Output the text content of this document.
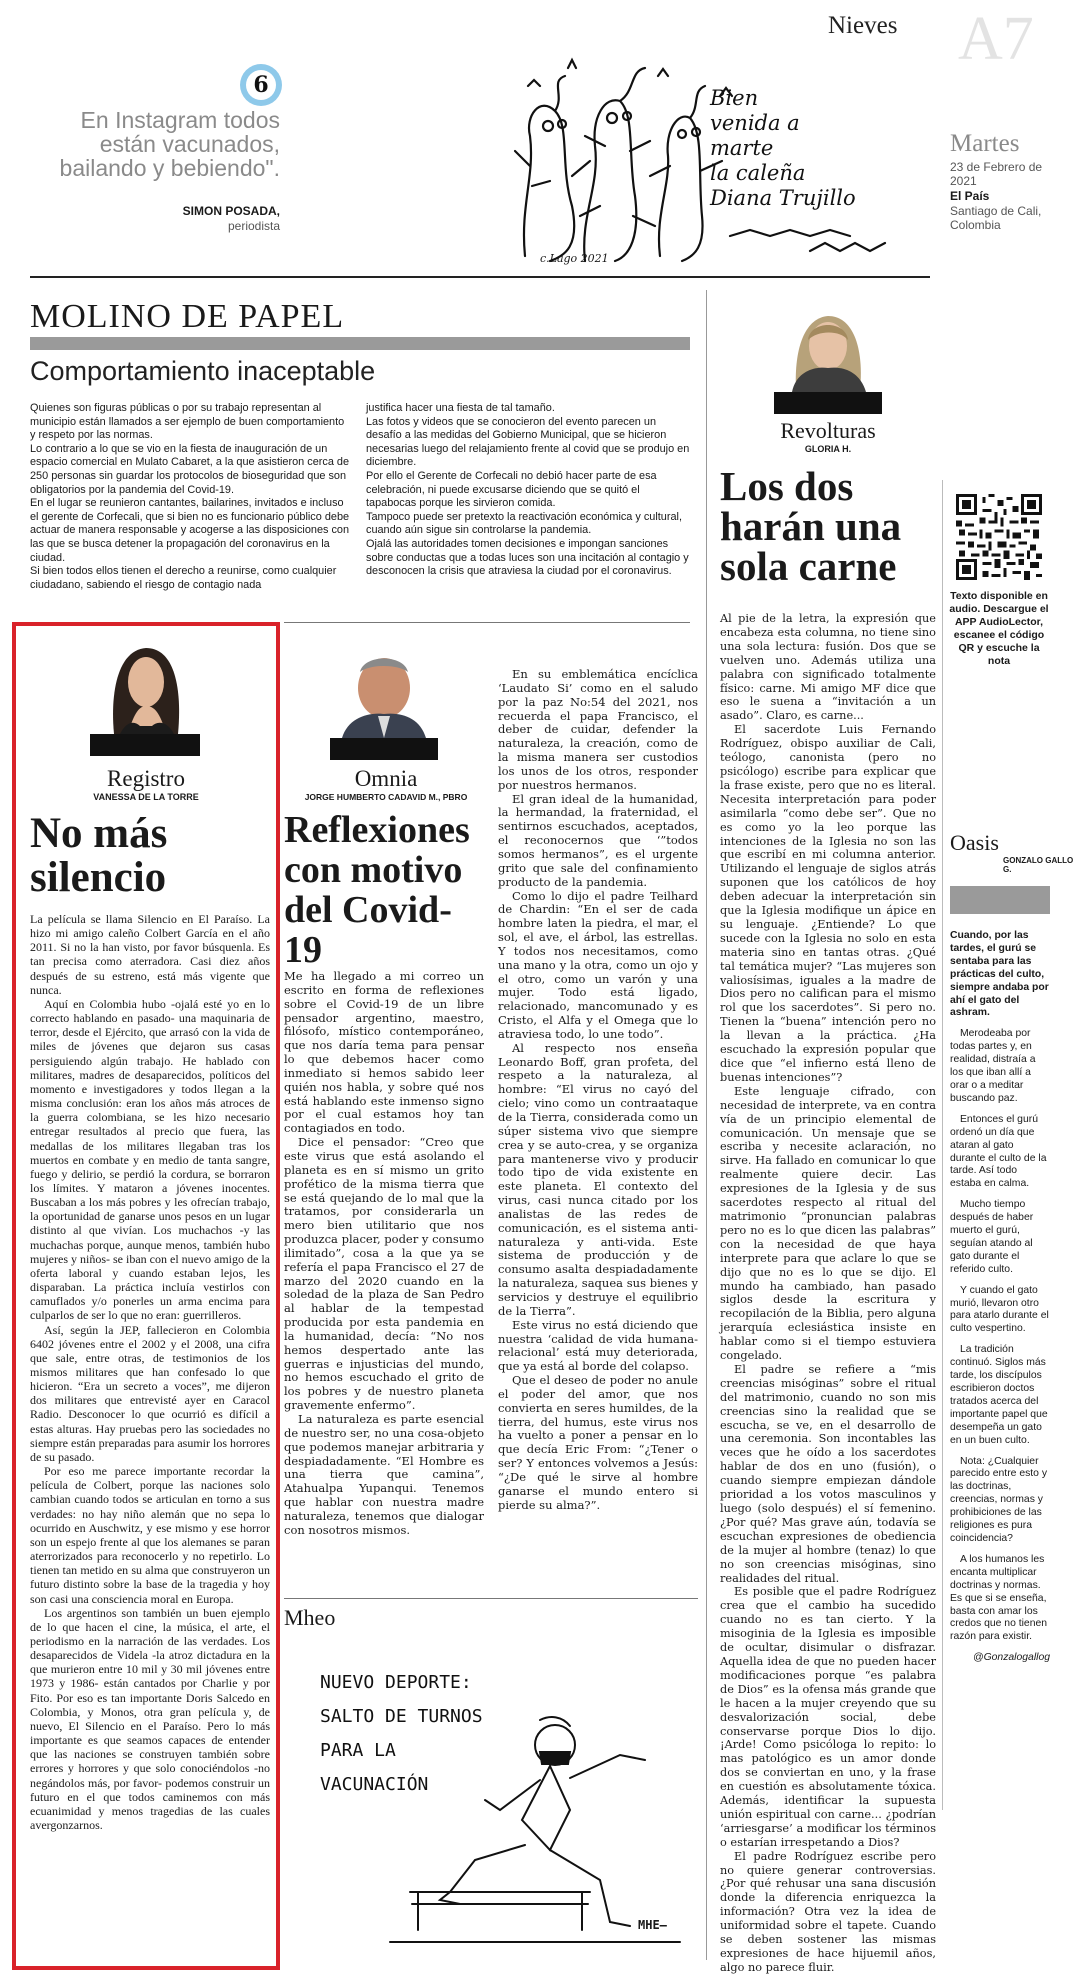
Nieves A7
6
En Instagram todos están vacunados, bailando y bebiendo".
SIMON POSADA,
periodista
Bien
venida a
marte
la caleña
Diana Trujillo
c.Lago 2021
Martes
23 de Febrero de 2021
El País
Santiago de Cali, Colombia
MOLINO DE PAPEL
Comportamiento inaceptable
Quienes son figuras públicas o por su trabajo representan al municipio están llamados a ser ejemplo de buen comportamiento y respeto por las normas.
Lo contrario a lo que se vio en la fiesta de inauguración de un espacio comercial en Mulato Cabaret, a la que asistieron cerca de 250 personas sin guardar los protocolos de bioseguridad que son obligatorios por la pandemia del Covid-19.
En el lugar se reunieron cantantes, bailarines, invitados e incluso el gerente de Corfecali, que si bien no es funcionario público debe actuar de manera responsable y acogerse a las disposiciones con las que se busca detener la propagación del coronavirus en la ciudad.
Si bien todos ellos tienen el derecho a reunirse, como cualquier ciudadano, sabiendo el riesgo de contagio nada
justifica hacer una fiesta de tal tamaño.
Las fotos y videos que se conocieron del evento parecen un desafío a las medidas del Gobierno Municipal, que se hicieron necesarias luego del relajamiento frente al covid que se produjo en diciembre.
Por ello el Gerente de Corfecali no debió hacer parte de esa celebración, ni puede excusarse diciendo que se quitó el tapabocas porque les sirvieron comida.
Tampoco puede ser pretexto la reactivación económica y cultural, cuando aún sigue sin controlarse la pandemia.
Ojalá las autoridades tomen decisiones e impongan sanciones sobre conductas que a todas luces son una incitación al contagio y desconocen la crisis que atraviesa la ciudad por el coronavirus.
Revolturas
GLORIA H.
Los dos harán una sola carne

Al pie de la letra, la expresión que encabeza esta columna, no tiene sino una sola lectura: fusión. Dos que se vuelven uno. Además utiliza una palabra con significado totalmente físico: carne. Mi amigo MF dice que eso le suena a “invitación a un asado”. Claro, es carne...

El sacerdote Luis Fernando Rodríguez, obispo auxiliar de Cali, teólogo, canonista (pero no psicólogo) escribe para explicar que la frase existe, pero que no es literal. Necesita interpretación para poder asimilarla “como debe ser”. Que no es como yo la leo porque las intenciones de la Iglesia no son las que escribí en mi columna anterior. Utilizando el lenguaje de siglos atrás suponen que los católicos de hoy deben adecuar la interpretación sin que la Iglesia modifique un ápice en su lenguaje. ¿Entiende? Lo que sucede con la Iglesia no solo en esta materia sino en tantas otras. ¿Qué tal temática mujer? “Las mujeres son valiosísimas, iguales a la madre de Dios pero no califican para el mismo rol que los sacerdotes”. Si pero no. Tienen la “buena” intención pero no la llevan a la práctica. ¿Ha escuchado la expresión popular que dice que “el infierno está lleno de buenas intenciones”?

Este lenguaje cifrado, con necesidad de interprete, va en contra vía de un principio elemental de comunicación. Un mensaje que se escriba y necesite aclaración, no sirve. Ha fallado en comunicar lo que realmente quiere decir. Las expresiones de la Iglesia y de sus sacerdotes respecto al ritual del matrimonio “pronuncian palabras pero no es lo que dicen las palabras” con la necesidad de que haya interprete para que aclare lo que se dijo que no es lo que se dijo. El mundo ha cambiado, han pasado siglos desde la escritura y recopilación de la Biblia, pero alguna jerarquía eclesiástica insiste en hablar como si el tiempo estuviera congelado.

El padre se refiere a “mis creencias misóginas” sobre el ritual del matrimonio, cuando no son mis creencias sino la realidad que se escucha, se ve, en el desarrollo de una ceremonia. Son incontables las veces que he oído a los sacerdotes hablar de dos en uno (fusión), o cuando siempre empiezan dándole prioridad a los votos masculinos y luego (solo después) el sí femenino. ¿Por qué? Mas grave aún, todavía se escuchan expresiones de obediencia de la mujer al hombre (tenaz) lo que no son creencias misóginas, sino realidades del ritual.

Es posible que el padre Rodríguez crea que el cambio ha sucedido cuando no es tan cierto. Y la misoginia de la Iglesia es imposible de ocultar, disimular o disfrazar. Aquella idea de que no pueden hacer modificaciones porque “es palabra de Dios” es la ofensa más grande que le hacen a la mujer creyendo que su desvalorización social, debe conservarse porque Dios lo dijo. ¡Arde! Como psicóloga lo repito: lo mas patológico es un amor donde dos se conviertan en uno, y la frase en cuestión es absolutamente tóxica. Además, identificar la supuesta unión espiritual con carne... ¿podrían ‘arriesgarse’ a modificar los términos o estarían irrespetando a Dios?

El padre Rodríguez escribe pero no quiere generar controversias. ¿Por qué rehusar una sana discusión donde la diferencia enriquezca la información? Otra vez la idea de uniformidad sobre el tapete. Cuando se deben sostener las mismas expresiones de hace hijuemil años, algo no parece fluir.

Texto disponible en audio. Descargue el APP AudioLector, escanee el código QR y escuche la nota
Oasis
GONZALO GALLO G.

Cuando, por las tardes, el gurú se sentaba para las prácticas del culto, siempre andaba por ahí el gato del ashram.

Merodeaba por todas partes y, en realidad, distraía a los que iban allí a orar o a meditar buscando paz.

Entonces el gurú ordenó un día que ataran al gato durante el culto de la tarde. Así todo estaba en calma.

Mucho tiempo después de haber muerto el gurú, seguían atando al gato durante el referido culto.

Y cuando el gato murió, llevaron otro para atarlo durante el culto vespertino.

La tradición continuó. Siglos más tarde, los discípulos escribieron doctos tratados acerca del importante papel que desempeña un gato en un buen culto.

Nota: ¿Cualquier parecido entre esto y las doctrinas, creencias, normas y prohibiciones de las religiones es pura coincidencia?

A los humanos les encanta multiplicar doctrinas y normas. Es que si se enseña, basta con amar los credos que no tienen razón para existir.

@Gonzalogallog

Registro
VANESSA DE LA TORRE
No más silencio

La película se llama Silencio en El Paraíso. La hizo mi amigo caleño Colbert García en el año 2011. Si no la han visto, por favor búsquenla. Es tan precisa como aterradora. Casi diez años después de su estreno, está más vigente que nunca.

Aquí en Colombia hubo -ojalá esté yo en lo correcto hablando en pasado- una maquinaria de terror, desde el Ejército, que arrasó con la vida de miles de jóvenes que dejaron sus casas persiguiendo algún trabajo. He hablado con militares, madres de desaparecidos, políticos del momento e investigadores y todos llegan a la misma conclusión: eran los años más atroces de la guerra colombiana, se les hizo necesario entregar resultados al precio que fuera, las medallas de los militares llegaban tras los muertos en combate y en medio de tanta sangre, fuego y delirio, se perdió la cordura, se borraron los límites. Y mataron a jóvenes inocentes. Buscaban a los más pobres y les ofrecían trabajo, la oportunidad de ganarse unos pesos en un lugar distinto al que vivían. Los muchachos -y las muchachas porque, aunque menos, también hubo mujeres y niños- se iban con el nuevo amigo de la oferta laboral y cuando estaban lejos, les disparaban. La práctica incluía vestirlos con camuflados y/o ponerles un arma encima para culparlos de ser lo que no eran: guerrilleros.

Así, según la JEP, fallecieron en Colombia 6402 jóvenes entre el 2002 y el 2008, una cifra que sale, entre otras, de testimonios de los mismos militares que han confesado lo que hicieron. “Era un secreto a voces”, me dijeron dos militares que entrevisté ayer en Caracol Radio. Desconocer lo que ocurrió es difícil a estas alturas. Hay pruebas pero las sociedades no siempre están preparadas para asumir los horrores de su pasado.

Por eso me parece importante recordar la película de Colbert, porque las naciones solo cambian cuando todos se articulan en torno a sus verdades: no hay niño alemán que no sepa lo ocurrido en Auschwitz, y ese mismo y ese horror son un espejo frente al que los alemanes se paran aterrorizados para reconocerlo y no repetirlo. Lo tienen tan metido en su alma que construyeron un futuro distinto sobre la base de la tragedia y hoy son casi una consciencia moral en Europa.

Los argentinos son también un buen ejemplo de lo que hacen el cine, la música, el arte, el periodismo en la narración de las verdades. Los desaparecidos de Videla -la atroz dictadura en la que murieron entre 10 mil y 30 mil jóvenes entre 1973 y 1986- están cantados por Charlie y por Fito. Por eso es tan importante Doris Salcedo en Colombia, y Monos, otra gran película y, de nuevo, El Silencio en el Paraíso. Pero lo más importante es que seamos capaces de entender que las naciones se construyen también sobre errores y horrores y que solo conociéndolos -no negándolos más, por favor- podemos construir un futuro en el que todos caminemos con más ecuanimidad y menos tragedias de las cuales avergonzarnos.

Omnia
JORGE HUMBERTO CADAVID M., PBRO
Reflexiones con motivo del Covid-19

Me ha llegado a mi correo un escrito en forma de reflexiones sobre el Covid-19 de un libre pensador argentino, maestro, filósofo, místico contemporáneo, que nos daría tema para pensar lo que debemos hacer como inmediato si hemos sabido leer quién nos habla, y sobre qué nos está hablando este inmenso signo por el cual estamos hoy tan contagiados en todo.

Dice el pensador: “Creo que este virus que está asolando el planeta es en sí mismo un grito profético de la misma tierra que se está quejando de lo mal que la tratamos, por considerarla un mero bien utilitario que nos produzca placer, poder y consumo ilimitado”, cosa a la que ya se refería el papa Francisco el 27 de marzo del 2020 cuando en la soledad de la plaza de San Pedro al hablar de la tempestad producida por esta pandemia en la humanidad, decía: “No nos hemos despertado ante las guerras e injusticias del mundo, no hemos escuchado el grito de los pobres y de nuestro planeta gravemente enfermo”.

La naturaleza es parte esencial de nuestro ser, no una cosa-objeto que podemos manejar arbitraria y despiadadamente. “El Hombre es una tierra que camina”, Atahualpa Yupanqui. Tenemos que hablar con nuestra madre naturaleza, tenemos que dialogar con nosotros mismos.

En su emblemática encíclica ‘Laudato Si’ como en el saludo por la paz No:54 del 2021, nos recuerda el papa Francisco, el deber de cuidar, defender la naturaleza, la creación, como de la misma manera ser custodios los unos de los otros, responder por nuestros hermanos.

El gran ideal de la humanidad, la hermandad, la fraternidad, el sentirnos escuchados, aceptados, el reconocernos que ‘”todos somos hermanos”, es el urgente grito que sale del confinamiento producto de la pandemia.

Como lo dijo el padre Teilhard de Chardin: “En el ser de cada hombre laten la piedra, el mar, el sol, el ave, el árbol, las estrellas. Y todos nos necesitamos, como una mano y la otra, como un ojo y el otro, como un varón y una mujer. Todo está ligado, relacionado, mancomunado y es Cristo, el Alfa y el Omega que lo atraviesa todo, lo une todo”.

Al respecto nos enseña Leonardo Boff, gran profeta, del respeto a la naturaleza, al hombre: “El virus no cayó del cielo; vino como un contraataque de la Tierra, considerada como un súper sistema vivo que siempre crea y se auto-crea, y se organiza para mantenerse vivo y producir todo tipo de vida existente en este planeta. El contexto del virus, casi nunca citado por los analistas de las redes de comunicación, es el sistema anti-naturaleza y anti-vida. Este sistema de producción y de consumo asalta despiadadamente la naturaleza, saquea sus bienes y servicios y destruye el equilibrio de la Tierra”.

Este virus no está diciendo que nuestra ‘calidad de vida humana-relacional’ está muy deteriorada, que ya está al borde del colapso.

Que el deseo de poder no anule el poder del amor, que nos convierta en seres humildes, de la tierra, del humus, este virus nos ha vuelto a poner a pensar en lo que decía Eric From: “¿Tener o ser? Y entonces volvemos a Jesús: “¿De qué le sirve al hombre ganarse el mundo entero si pierde su alma?”.

Mheo
NUEVO DEPORTE:
SALTO DE TURNOS
PARA LA
VACUNACIÓN
MHE—
